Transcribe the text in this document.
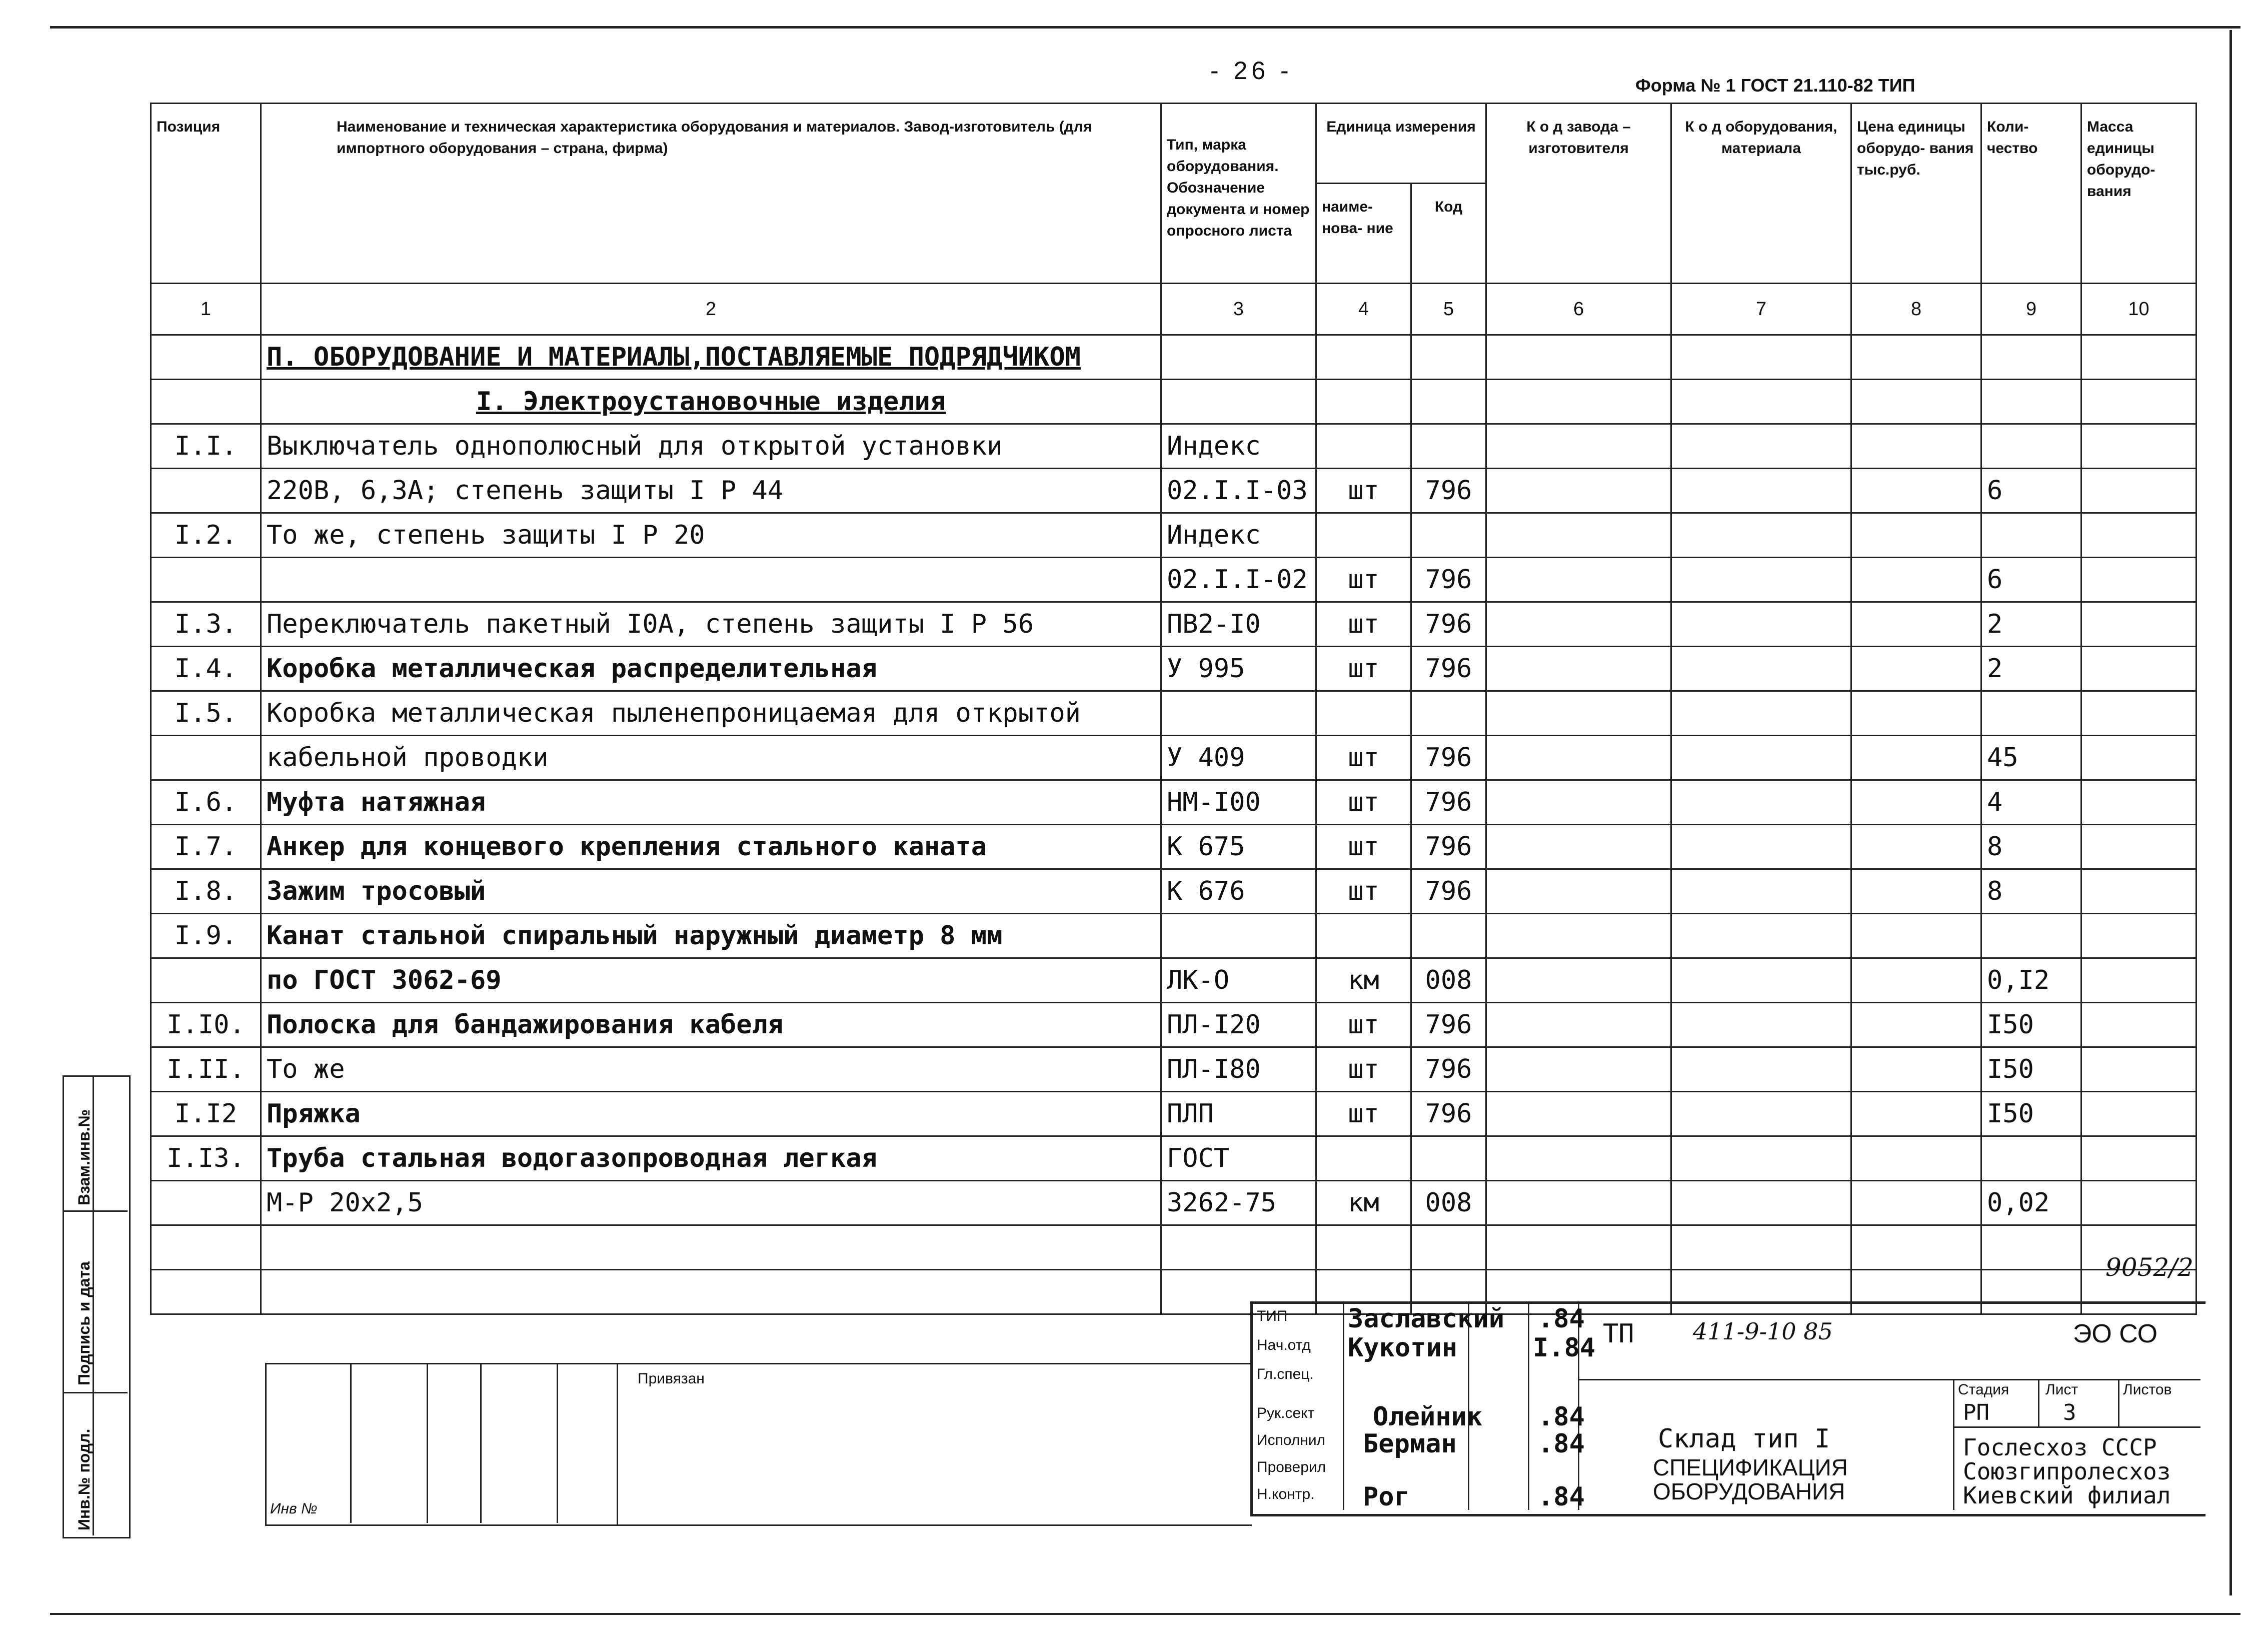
- 26 -
Форма № 1 ГОСТ 21.110-82 ТИП
Позиция	Наименование и техническая характеристика оборудования и материалов. Завод-изготовитель (для импортного оборудования – страна, фирма)	Тип, марка оборудования. Обозначение документа и номер опросного листа	Единица измерения		К о д завода – изготовителя	К о д оборудования, материала	Цена единицы оборудо- вания тыс.руб.	Коли- чество	Масса единицы оборудо- вания
			наиме- нова- ние	Код					
1	2	3	4	5	6	7	8	9	10
	П. ОБОРУДОВАНИЕ И МАТЕРИАЛЫ,ПОСТАВЛЯЕМЫЕ ПОДРЯДЧИКОМ								
	I. Электроустановочные изделия								
I.I.	Выключатель однополюсный для открытой установки	Индекс							
	220В, 6,3А; степень защиты I Р 44	02.I.I-03	шт	796				6	
I.2.	То же, степень защиты I Р 20	Индекс							
		02.I.I-02	шт	796				6	
I.3.	Переключатель пакетный I0А, степень защиты I Р 56	ПВ2-I0	шт	796				2	
I.4.	Коробка металлическая распределительная	У 995	шт	796				2	
I.5.	Коробка металлическая пыленепроницаемая для открытой								
	кабельной проводки	У 409	шт	796				45	
I.6.	Муфта натяжная	НМ-I00	шт	796				4	
I.7.	Анкер для концевого крепления стального каната	К 675	шт	796				8	
I.8.	Зажим тросовый	К 676	шт	796				8	
I.9.	Канат стальной спиральный наружный диаметр 8 мм								
	по ГОСТ 3062-69	ЛК-О	км	008				0,I2	
I.I0.	Полоска для бандажирования кабеля	ПЛ-I20	шт	796				I50	
I.II.	То же	ПЛ-I80	шт	796				I50	
I.I2	Пряжка	ПЛП	шт	796				I50	
I.I3.	Труба стальная водогазопроводная легкая	ГОСТ							
	М-Р 20х2,5	3262-75	км	008				0,02	

9052/2
Привязан
Инв №
ТИП
Нач.отд
Гл.спец.
Рук.сект
Исполнил
Проверил
Н.контр.
Заславский
Кукотин
Олейник
Берман
Рог
.84
I.84
.84
.84
.84
ТП	411-9-10 85	ЭО СО
Стадия Лист	Листов
РП	3
Склад тип I
СПЕЦИФИКАЦИЯ
ОБОРУДОВАНИЯ
Гослесхоз СССР
Союзгипролесхоз
Киевский филиал
Взам.инв.№
Подпись и дата
Инв.№ подл.
